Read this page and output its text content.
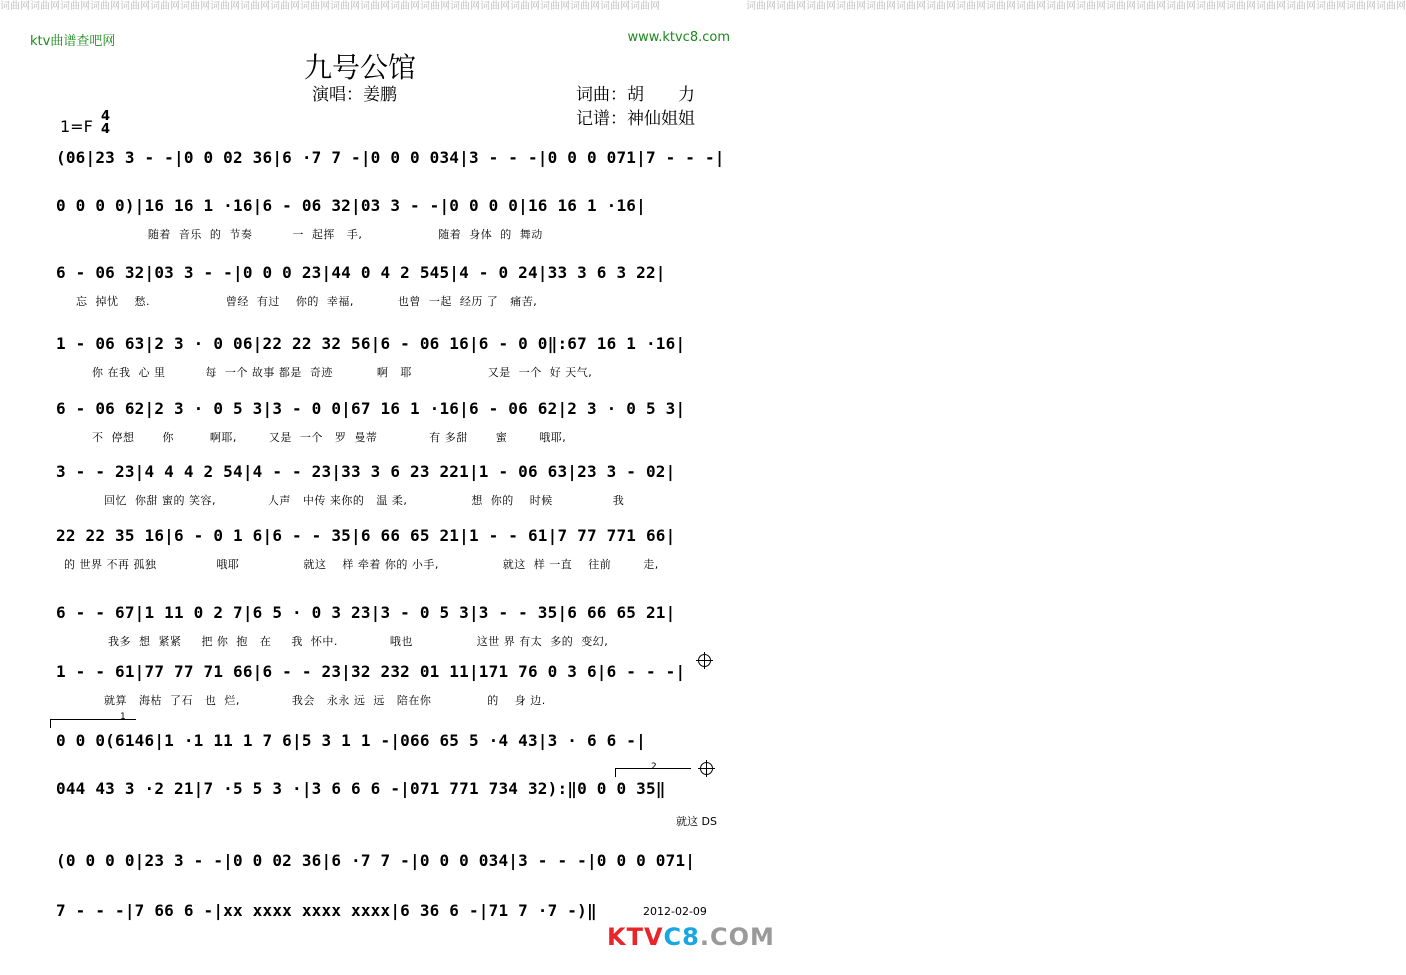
词曲网词曲网词曲网词曲网词曲网词曲网词曲网词曲网词曲网词曲网词曲网词曲网词曲网词曲网词曲网词曲网词曲网词曲网词曲网词曲网词曲网词曲网	词曲网词曲网词曲网词曲网词曲网词曲网词曲网词曲网词曲网词曲网词曲网词曲网词曲网词曲网词曲网词曲网词曲网词曲网词曲网词曲网词曲网词曲网
ktv曲谱查吧网	www.ktvc8.com
九号公馆
演唱：姜鹏	词曲：胡　　力
记谱：神仙姐姐
1=F
4
4
(06|23 3 - -|0 0 02 36|6 ·7 7 -|0 0 0 034|3 - - -|0 0 0 071|7 - - -|
0 0 0 0)|16 16 1 ·16|6 - 06 32|03 3 - -|0 0 0 0|16 16 1 ·16|
随着  音乐  的  节奏          一  起挥   手,                   随着  身体  的  舞动
6 - 06 32|03 3 - -|0 0 0 23|44 0 4 2 545|4 - 0 24|33 3 6 3 22|
忘  掉忧    愁.                   曾经  有过    你的  幸福,           也曾  一起  经历 了   痛苦,
1 - 06 63|2 3 · 0 06|22 22 32 56|6 - 06 16|6 - 0 0‖:67 16 1 ·16|
你 在我  心 里          每  一个 故事 都是  奇迹           啊   耶                   又是  一个  好 天气,
6 - 06 62|2 3 · 0 5 3|3 - 0 0|67 16 1 ·16|6 - 06 62|2 3 · 0 5 3|
不  停想       你         啊耶,        又是  一个   罗  曼蒂             有 多甜       蜜        哦耶,
3 - - 23|4 4 4 2 54|4 - - 23|33 3 6 23 221|1 - 06 63|23 3 - 02|
回忆  你甜 蜜的 笑容,             人声   中传 来你的   温 柔,                想  你的    时候               我
22 22 35 16|6 - 0 1 6|6 - - 35|6 66 65 21|1 - - 61|7 77 771 66|
的 世界 不再 孤独               哦耶                就这    样 牵着 你的 小手,                就这  样 一直    往前        走,
6 - - 67|1 11 0 2 7|6 5 · 0 3 23|3 - 0 5 3|3 - - 35|6 66 65 21|
我多  想  紧紧     把 你  抱   在     我  怀中.             哦也                这世 界 有太  多的  变幻,
1 - - 61|77 77 71 66|6 - - 23|32 232 01 11|171 76 0 3 6|6 - - -|
就算   海枯  了石   也  烂,             我会   永永 远  远   陪在你              的    身 边.
0 0 0(6146|1 ·1 11 1 7 6|5 3 1 1 -|066 65 5 ·4 43|3 · 6 6 -|
044 43 3 ·2 21|7 ·5 5 3 ·|3 6 6 6 -|071 771 734 32):‖0 0 0 35‖
(0 0 0 0|23 3 - -|0 0 02 36|6 ·7 7 -|0 0 0 034|3 - - -|0 0 0 071|
7 - - -|7 66 6 -|xx xxxx xxxx xxxx|6 36 6 -|71 7 ·7 -)‖
1
2
就这 DS
2012-02-09
KTVC8.COM
